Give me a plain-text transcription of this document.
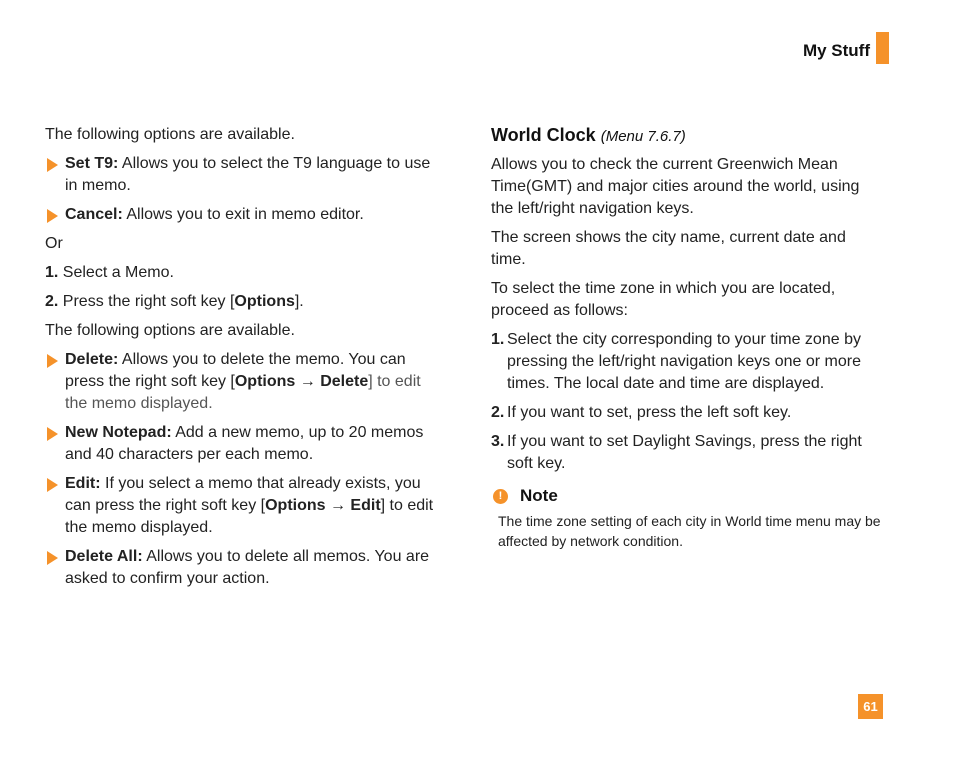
My Stuff

The following options are available.

Set T9: Allows you to select the T9 language to use in memo.
Cancel: Allows you to exit in memo editor.

Or

1. Select a Memo.

2. Press the right soft key [Options].

The following options are available.

Delete: Allows you to delete the memo. You can press the right soft key [Options → Delete] to edit the memo displayed.
New Notepad: Add a new memo, up to 20 memos and 40 characters per each memo.
Edit: If you select a memo that already exists, you can press the right soft key [Options → Edit] to edit the memo displayed.
Delete All: Allows you to delete all memos. You are asked to confirm your action.
World Clock (Menu 7.6.7)

Allows you to check the current Greenwich Mean Time(GMT) and major cities around the world, using the left/right navigation keys.

The screen shows the city name, current date and time.

To select the time zone in which you are located, proceed as follows:

1. Select the city corresponding to your time zone by pressing the left/right navigation keys one or more times. The local date and time are displayed.
2. If you want to set, press the left soft key.
3. If you want to set Daylight Savings, press the right soft key.
!	Note
The time zone setting of each city in World time menu may be affected by network condition.
61
